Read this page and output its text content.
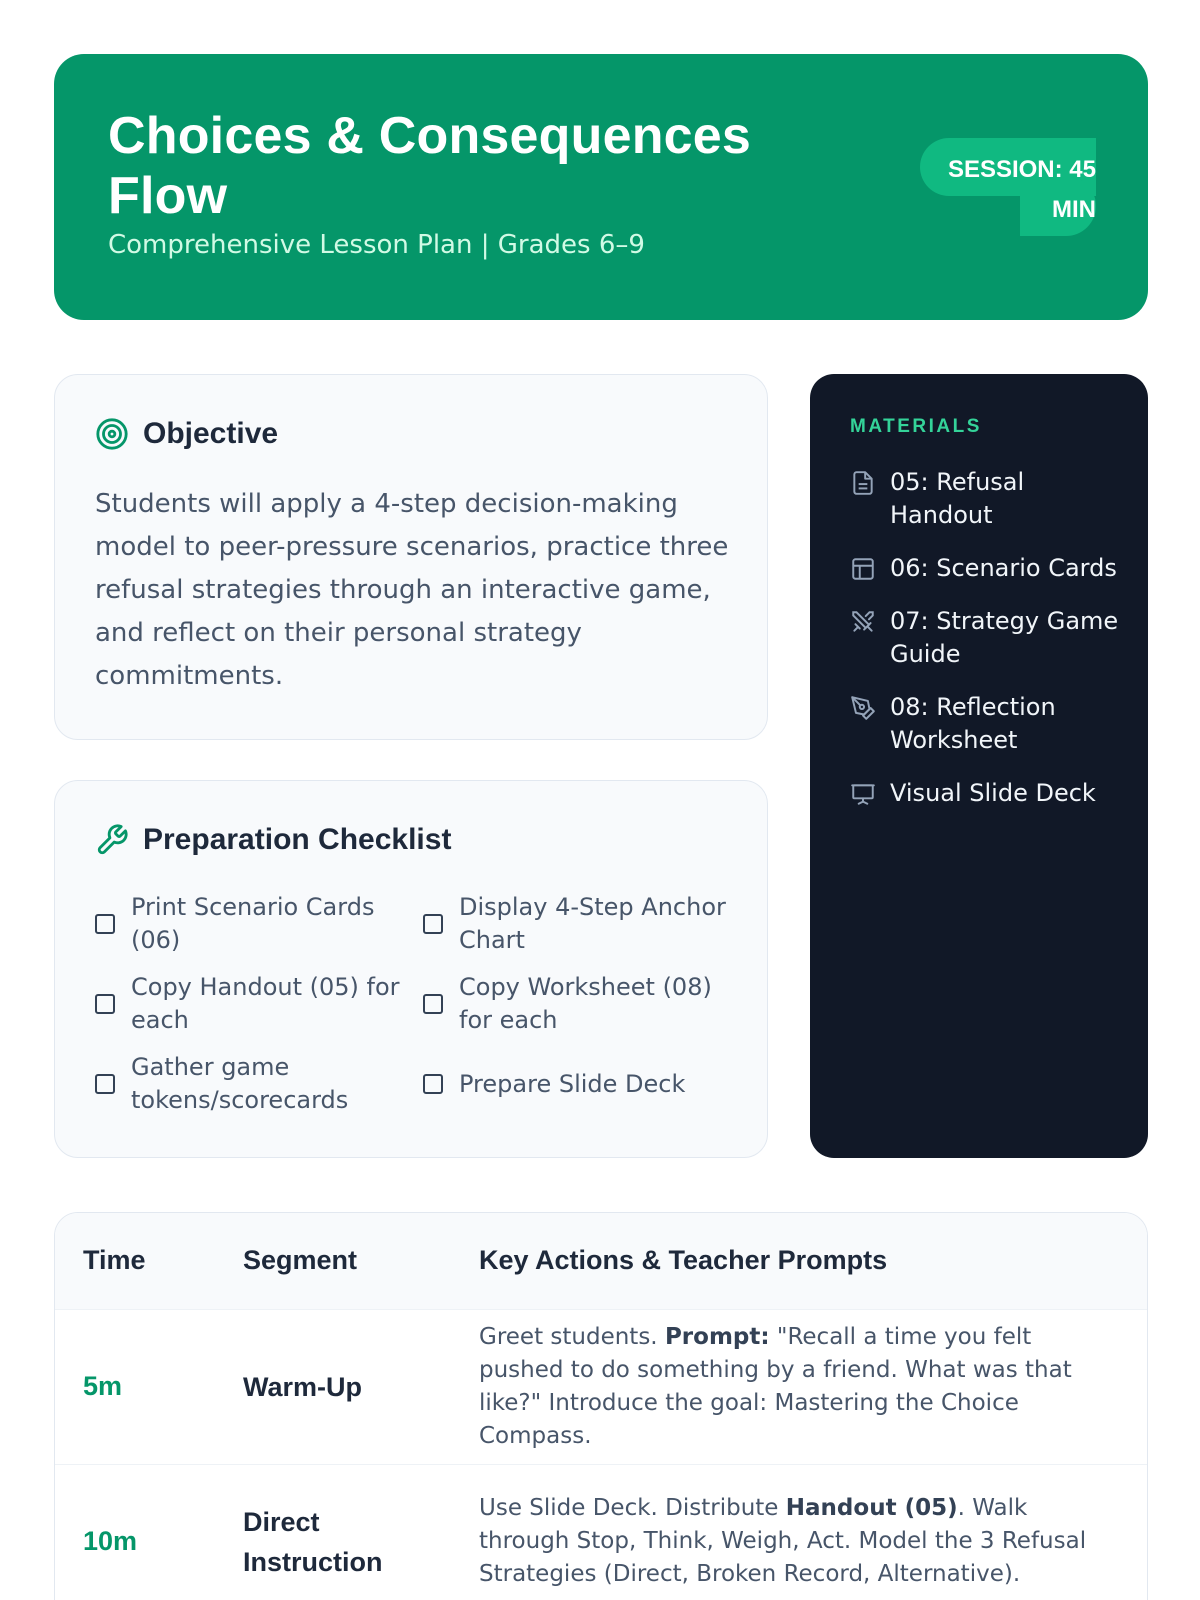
Choices & Consequences Flow
Comprehensive Lesson Plan | Grades 6–9
SESSION: 45 MIN
Objective
Students will apply a 4-step decision-making model to peer-pressure scenarios, practice three refusal strategies through an interactive game, and reflect on their personal strategy commitments.
Preparation Checklist
Print Scenario Cards (06)
Display 4-Step Anchor Chart
Copy Handout (05) for each
Copy Worksheet (08) for each
Gather game tokens/scorecards
Prepare Slide Deck
MATERIALS
05: Refusal Handout
06: Scenario Cards
07: Strategy Game Guide
08: Reflection Worksheet
Visual Slide Deck
Time	Segment	Key Actions & Teacher Prompts
5m	Warm-Up	Greet students. Prompt: "Recall a time you felt pushed to do something by a friend. What was that like?" Introduce the goal: Mastering the Choice Compass.
10m	Direct Instruction	Use Slide Deck. Distribute Handout (05). Walk through Stop, Think, Weigh, Act. Model the 3 Refusal Strategies (Direct, Broken Record, Alternative).
